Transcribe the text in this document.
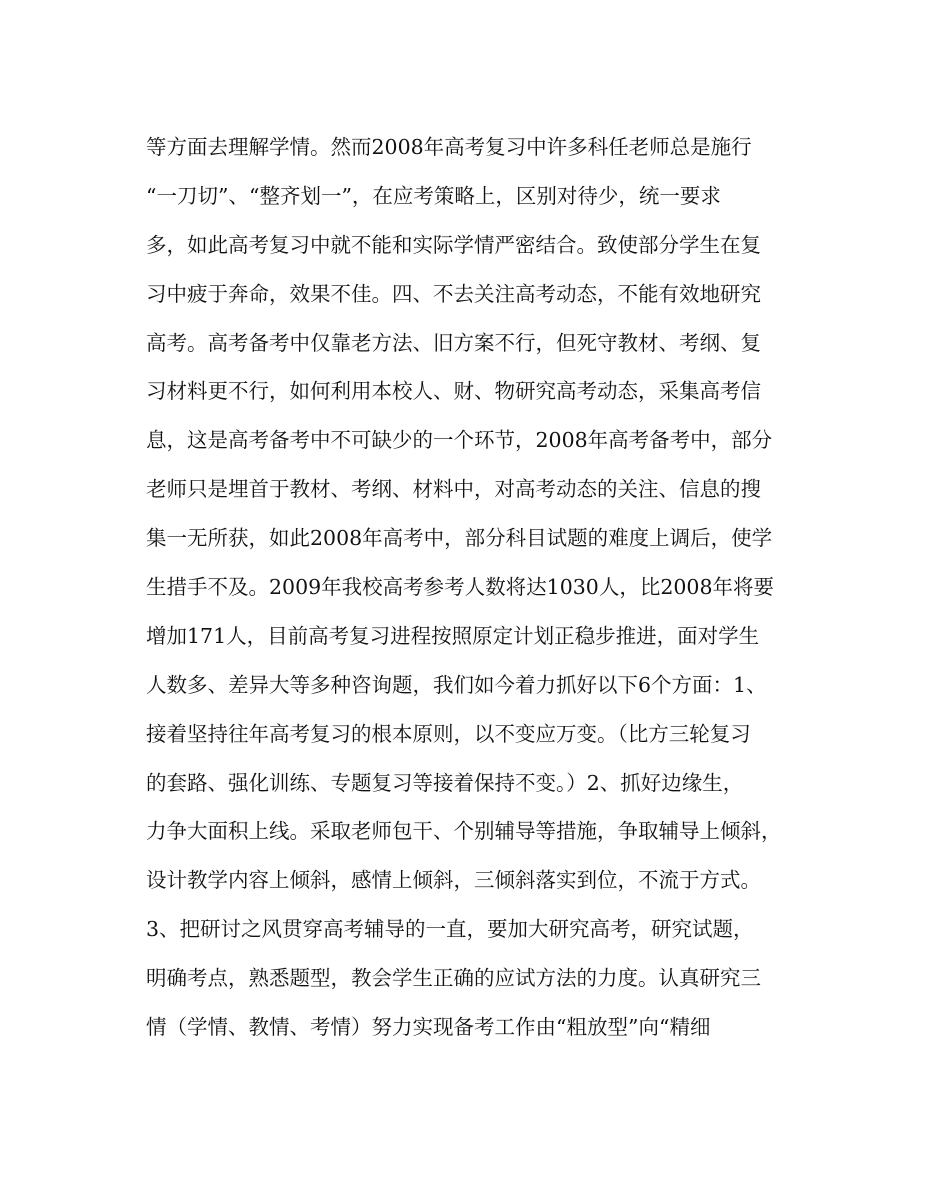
等方面去理解学情。然而2008年高考复习中许多科任老师总是施行
“一刀切”、“整齐划一”，在应考策略上，区别对待少，统一要求
多，如此高考复习中就不能和实际学情严密结合。致使部分学生在复
习中疲于奔命，效果不佳。四、不去关注高考动态，不能有效地研究
高考。高考备考中仅靠老方法、旧方案不行，但死守教材、考纲、复
习材料更不行，如何利用本校人、财、物研究高考动态，采集高考信
息，这是高考备考中不可缺少的一个环节，2008年高考备考中，部分
老师只是埋首于教材、考纲、材料中，对高考动态的关注、信息的搜
集一无所获，如此2008年高考中，部分科目试题的难度上调后，使学
生措手不及。2009年我校高考参考人数将达1030人，比2008年将要
增加171人，目前高考复习进程按照原定计划正稳步推进，面对学生
人数多、差异大等多种咨询题，我们如今着力抓好以下6个方面：1、
接着坚持往年高考复习的根本原则，以不变应万变。（比方三轮复习
的套路、强化训练、专题复习等接着保持不变。）2、抓好边缘生，
力争大面积上线。采取老师包干、个别辅导等措施，争取辅导上倾斜，
设计教学内容上倾斜，感情上倾斜，三倾斜落实到位，不流于方式。
3、把研讨之风贯穿高考辅导的一直，要加大研究高考，研究试题，
明确考点，熟悉题型，教会学生正确的应试方法的力度。认真研究三
情（学情、教情、考情）努力实现备考工作由“粗放型”向“精细
